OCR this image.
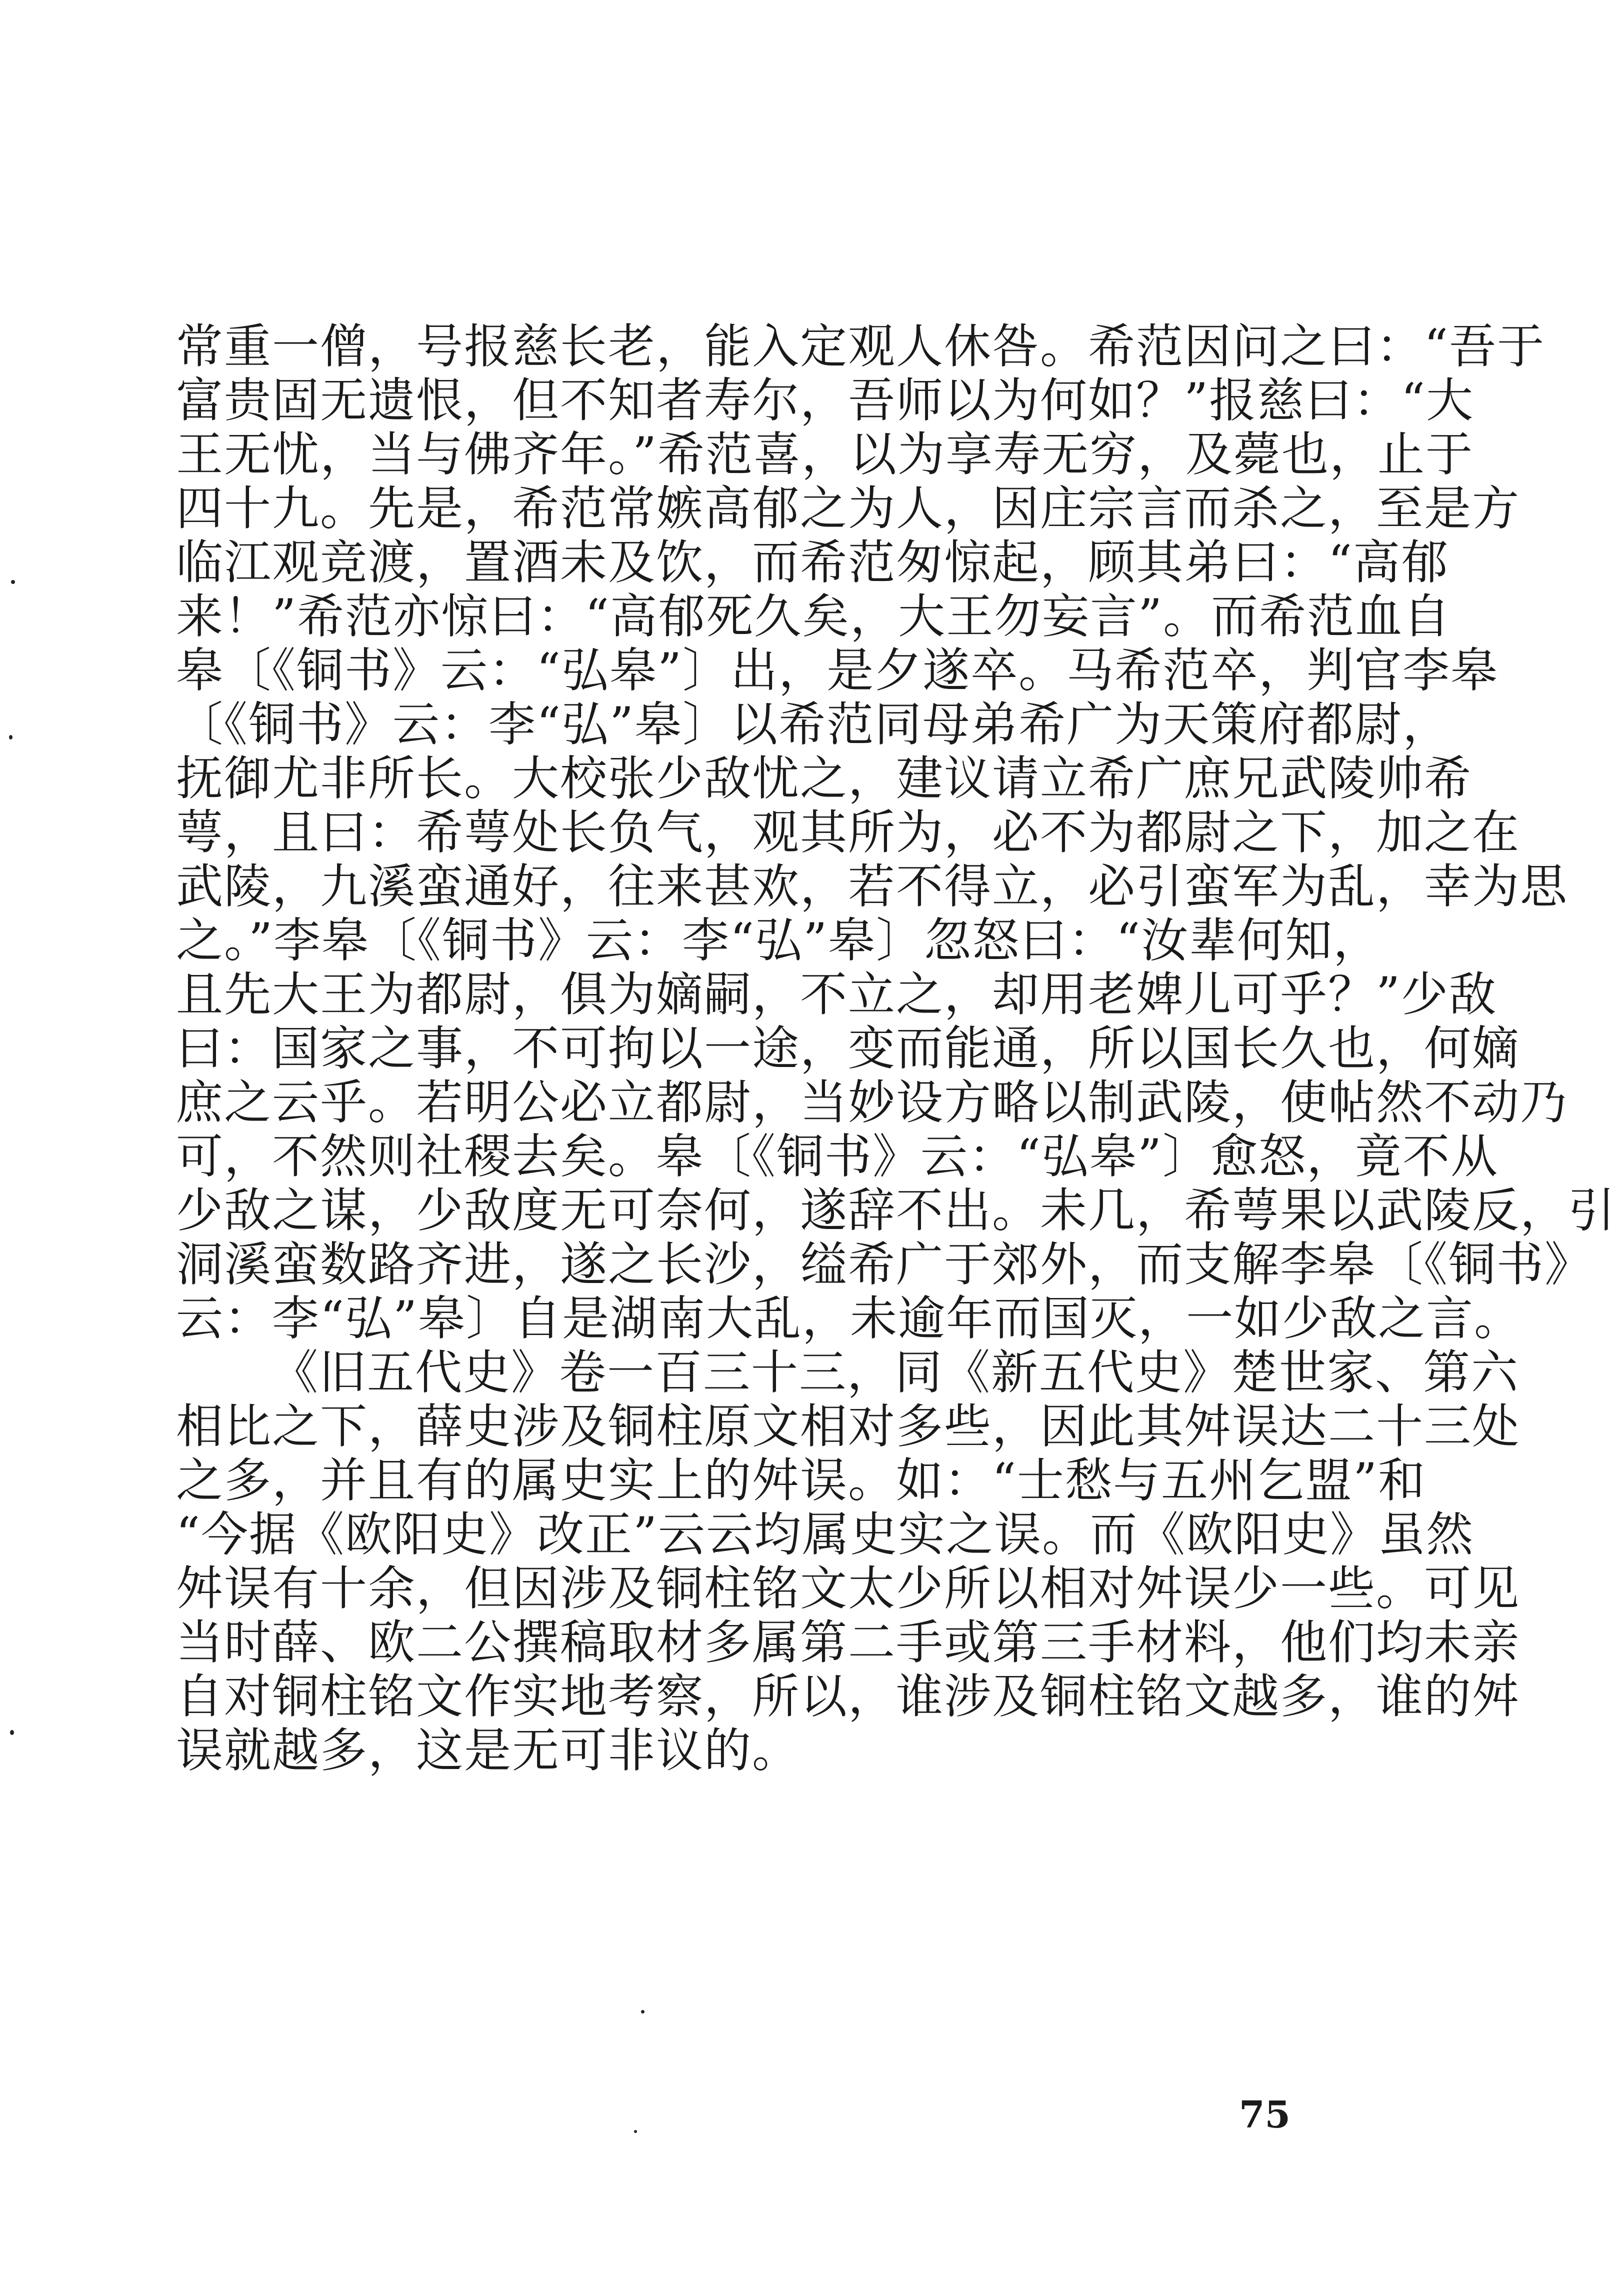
常重一僧，号报慈长老，能入定观人休咎。希范因问之曰：“吾于
富贵固无遗恨，但不知者寿尔，吾师以为何如？”报慈曰：“大
王无忧，当与佛齐年。”希范喜，以为享寿无穷，及薨也，止于
四十九。先是，希范常嫉高郁之为人，因庄宗言而杀之，至是方
临江观竞渡，置酒未及饮，而希范匆惊起，顾其弟曰：“高郁
来！”希范亦惊曰：“高郁死久矣，大王勿妄言”。而希范血自
皋〔《铜书》云：“弘皋”〕出，是夕遂卒。马希范卒，判官李皋
〔《铜书》云：李“弘”皋〕以希范同母弟希广为天策府都尉，
抚御尤非所长。大校张少敌忧之，建议请立希广庶兄武陵帅希
萼，且曰：希萼处长负气，观其所为，必不为都尉之下，加之在
武陵，九溪蛮通好，往来甚欢，若不得立，必引蛮军为乱，幸为思
之。”李皋〔《铜书》云：李“弘”皋〕忽怒曰：“汝辈何知，
且先大王为都尉，俱为嫡嗣，不立之，却用老婢儿可乎？”少敌
曰：国家之事，不可拘以一途，变而能通，所以国长久也，何嫡
庶之云乎。若明公必立都尉，当妙设方略以制武陵，使帖然不动乃
可，不然则社稷去矣。皋〔《铜书》云：“弘皋”〕愈怒，竟不从
少敌之谋，少敌度无可奈何，遂辞不出。未几，希萼果以武陵反，引
洞溪蛮数路齐进，遂之长沙，缢希广于郊外，而支解李皋〔《铜书》
云：李“弘”皋〕自是湖南大乱，未逾年而国灭，一如少敌之言。
《旧五代史》卷一百三十三，同《新五代史》楚世家、第六
相比之下，薛史涉及铜柱原文相对多些，因此其舛误达二十三处
之多，并且有的属史实上的舛误。如：“士愁与五州乞盟”和
“今据《欧阳史》改正”云云均属史实之误。而《欧阳史》虽然
舛误有十余，但因涉及铜柱铭文太少所以相对舛误少一些。可见
当时薛、欧二公撰稿取材多属第二手或第三手材料，他们均未亲
自对铜柱铭文作实地考察，所以，谁涉及铜柱铭文越多，谁的舛
误就越多，这是无可非议的。
75
